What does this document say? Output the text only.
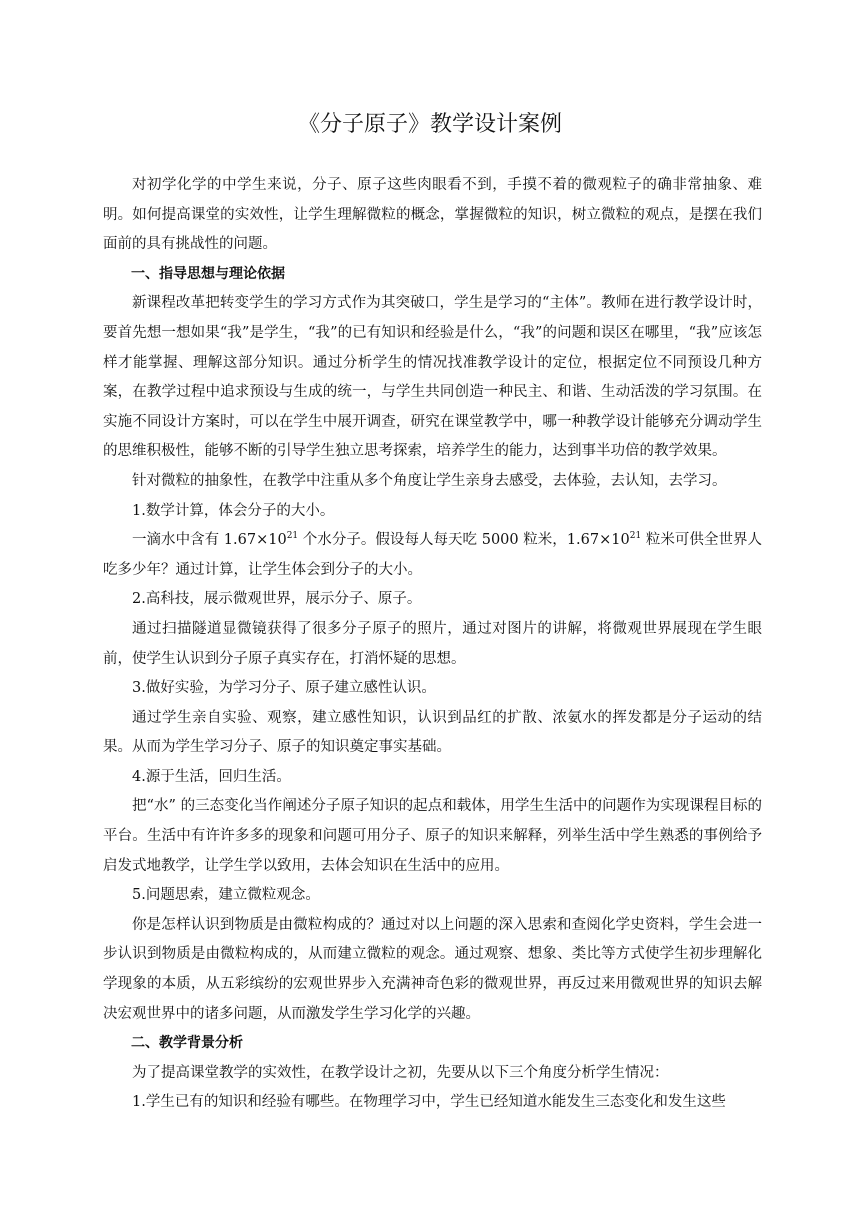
《分子原子》教学设计案例

对初学化学的中学生来说，分子、原子这些肉眼看不到，手摸不着的微观粒子的确非常抽象、难明。如何提高课堂的实效性，让学生理解微粒的概念，掌握微粒的知识，树立微粒的观点，是摆在我们面前的具有挑战性的问题。

一、指导思想与理论依据

新课程改革把转变学生的学习方式作为其突破口，学生是学习的“主体”。教师在进行教学设计时，要首先想一想如果“我”是学生，“我”的已有知识和经验是什么，“我”的问题和误区在哪里，“我”应该怎样才能掌握、理解这部分知识。通过分析学生的情况找准教学设计的定位，根据定位不同预设几种方案，在教学过程中追求预设与生成的统一，与学生共同创造一种民主、和谐、生动活泼的学习氛围。在实施不同设计方案时，可以在学生中展开调查，研究在课堂教学中，哪一种教学设计能够充分调动学生的思维积极性，能够不断的引导学生独立思考探索，培养学生的能力，达到事半功倍的教学效果。

针对微粒的抽象性，在教学中注重从多个角度让学生亲身去感受，去体验，去认知，去学习。

1.数学计算，体会分子的大小。

一滴水中含有 $1.67\times 10^{21}$ 个水分子。假设每人每天吃 5000 粒米，$1.67\times 10^{21}$ 粒米可供全世界人吃多少年？通过计算，让学生体会到分子的大小。

2.高科技，展示微观世界，展示分子、原子。

通过扫描隧道显微镜获得了很多分子原子的照片，通过对图片的讲解，将微观世界展现在学生眼前，使学生认识到分子原子真实存在，打消怀疑的思想。

3.做好实验，为学习分子、原子建立感性认识。

通过学生亲自实验、观察，建立感性知识，认识到品红的扩散、浓氨水的挥发都是分子运动的结果。从而为学生学习分子、原子的知识奠定事实基础。

4.源于生活，回归生活。

把“水” 的三态变化当作阐述分子原子知识的起点和载体，用学生生活中的问题作为实现课程目标的平台。生活中有许许多多的现象和问题可用分子、原子的知识来解释，列举生活中学生熟悉的事例给予启发式地教学，让学生学以致用，去体会知识在生活中的应用。

5.问题思索，建立微粒观念。

你是怎样认识到物质是由微粒构成的？通过对以上问题的深入思索和查阅化学史资料，学生会进一步认识到物质是由微粒构成的，从而建立微粒的观念。通过观察、想象、类比等方式使学生初步理解化学现象的本质，从五彩缤纷的宏观世界步入充满神奇色彩的微观世界，再反过来用微观世界的知识去解决宏观世界中的诸多问题，从而激发学生学习化学的兴趣。

二、教学背景分析

为了提高课堂教学的实效性，在教学设计之初，先要从以下三个角度分析学生情况：

1.学生已有的知识和经验有哪些。在物理学习中，学生已经知道水能发生三态变化和发生这些
